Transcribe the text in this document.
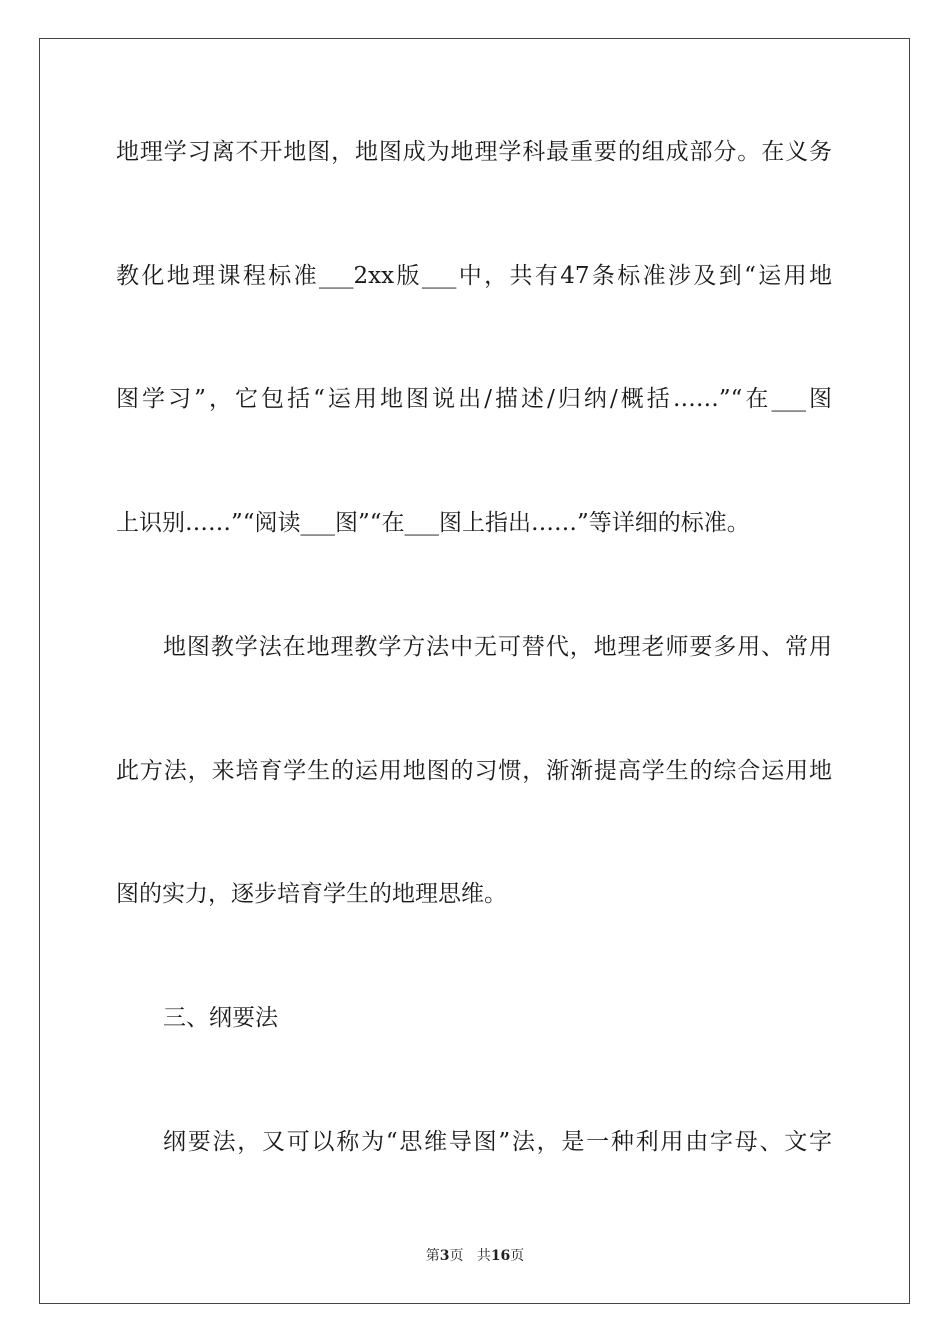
地理学习离不开地图，地图成为地理学科最重要的组成部分。在义务
教化地理课程标准___2xx版___中，共有47条标准涉及到“运用地
图学习”，它包括“运用地图说出/描述/归纳/概括……”“在___图
上识别……”“阅读___图”“在___图上指出……”等详细的标准。
地图教学法在地理教学方法中无可替代，地理老师要多用、常用
此方法，来培育学生的运用地图的习惯，渐渐提高学生的综合运用地
图的实力，逐步培育学生的地理思维。
三、纲要法
纲要法，又可以称为“思维导图”法，是一种利用由字母、文字
第3页 共16页
